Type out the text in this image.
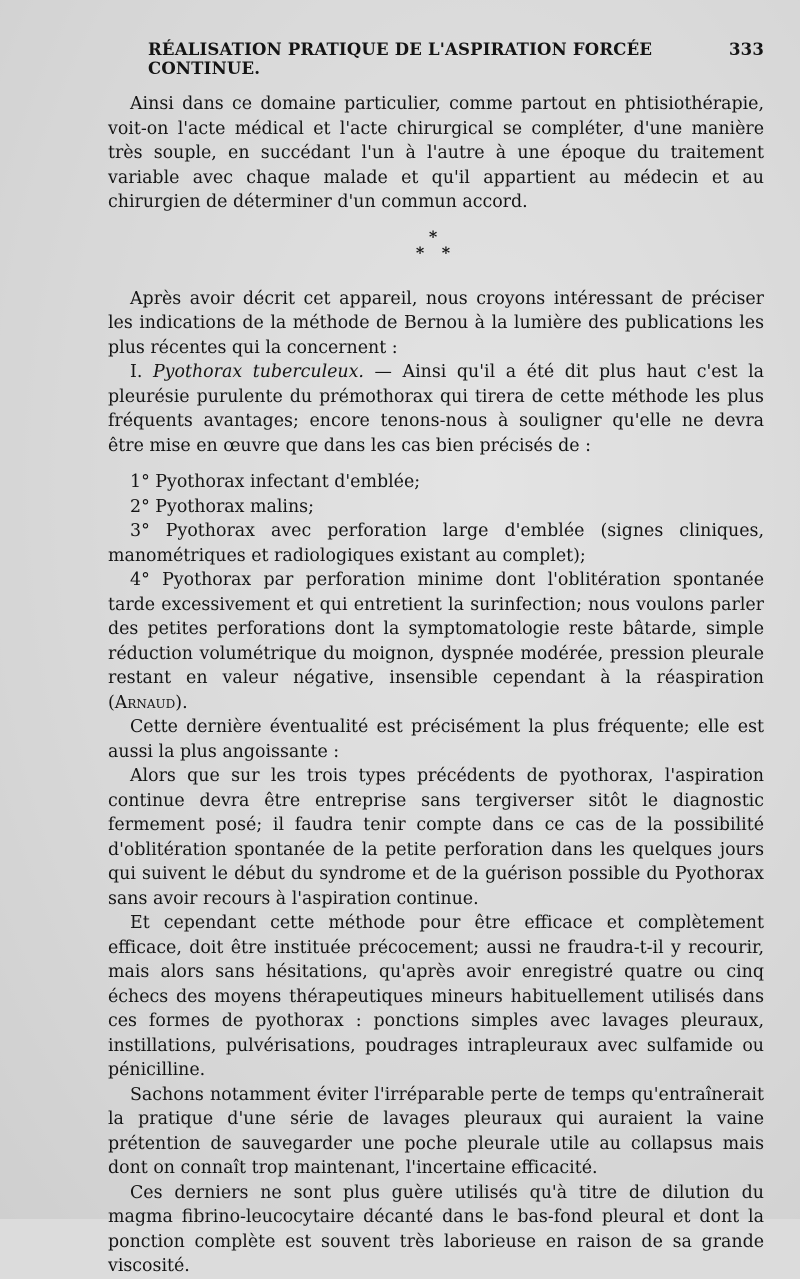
RÉALISATION PRATIQUE DE L'ASPIRATION FORCÉE CONTINUE.
333

Ainsi dans ce domaine particulier, comme partout en phtisiothérapie, voit-on l'acte médical et l'acte chirurgical se compléter, d'une manière très souple, en succédant l'un à l'autre à une époque du traitement variable avec chaque malade et qu'il appartient au médecin et au chirurgien de déterminer d'un commun accord.

*
* *

Après avoir décrit cet appareil, nous croyons intéressant de préciser les indications de la méthode de Bernou à la lumière des publications les plus récentes qui la concernent :

I. Pyothorax tuberculeux. — Ainsi qu'il a été dit plus haut c'est la pleurésie purulente du prémothorax qui tirera de cette méthode les plus fréquents avantages; encore tenons-nous à souligner qu'elle ne devra être mise en œuvre que dans les cas bien précisés de :

1° Pyothorax infectant d'emblée;

2° Pyothorax malins;

3° Pyothorax avec perforation large d'emblée (signes cliniques, manométriques et radiologiques existant au complet);

4° Pyothorax par perforation minime dont l'oblitération spontanée tarde excessivement et qui entretient la surinfection; nous voulons parler des petites perforations dont la symptomatologie reste bâtarde, simple réduction volumétrique du moignon, dyspnée modérée, pression pleurale restant en valeur négative, insensible cependant à la réaspiration (Arnaud).

Cette dernière éventualité est précisément la plus fréquente; elle est aussi la plus angoissante :

Alors que sur les trois types précédents de pyothorax, l'aspiration continue devra être entreprise sans tergiverser sitôt le diagnostic fermement posé; il faudra tenir compte dans ce cas de la possibilité d'oblitération spontanée de la petite perforation dans les quelques jours qui suivent le début du syndrome et de la guérison possible du Pyothorax sans avoir recours à l'aspiration continue.

Et cependant cette méthode pour être efficace et complètement efficace, doit être instituée précocement; aussi ne fraudra-t-il y recourir, mais alors sans hésitations, qu'après avoir enregistré quatre ou cinq échecs des moyens thérapeutiques mineurs habituellement utilisés dans ces formes de pyothorax : ponctions simples avec lavages pleuraux, instillations, pulvérisations, poudrages intrapleuraux avec sulfamide ou pénicilline.

Sachons notamment éviter l'irréparable perte de temps qu'entraînerait la pratique d'une série de lavages pleuraux qui auraient la vaine prétention de sauvegarder une poche pleurale utile au collapsus mais dont on connaît trop maintenant, l'incertaine efficacité.

Ces derniers ne sont plus guère utilisés qu'à titre de dilution du magma fibrino-leucocytaire décanté dans le bas-fond pleural et dont la ponction complète est souvent très laborieuse en raison de sa grande viscosité.
